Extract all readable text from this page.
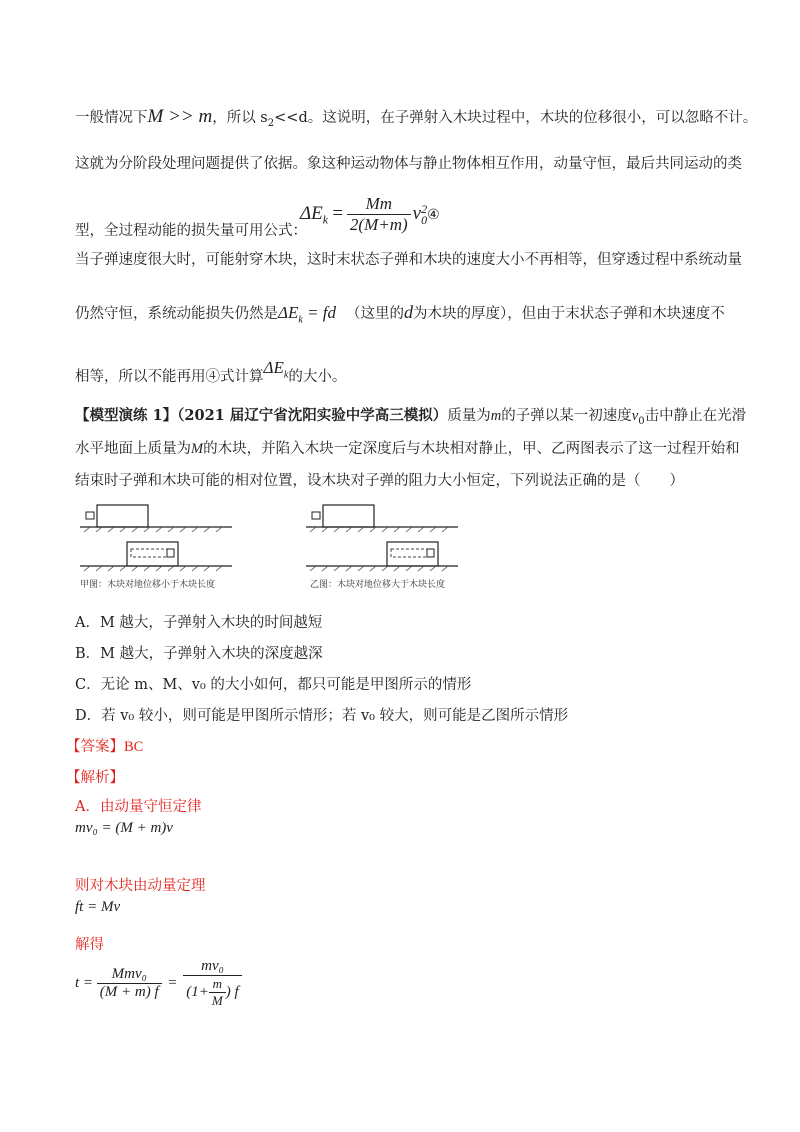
一般情况下M >> m，所以 $s_2<<d$。这说明，在子弹射入木块过程中，木块的位移很小，可以忽略不计。
这就为分阶段处理问题提供了依据。象这种运动物体与静止物体相互作用，动量守恒，最后共同运动的类
型，全过程动能的损失量可用公式：
$\Delta E_k = \frac{Mm}{2(M+m)}$ v 2
0 ④
当子弹速度很大时，可能射穿木块，这时末状态子弹和木块的速度大小不再相等，但穿透过程中系统动量
仍然守恒，系统动能损失仍然是$\Delta E_k$ = fd （这里的d为木块的厚度），但由于末状态子弹和木块速度不
相等，所以不能再用④式计算$\Delta E_k$的大小。
【模型演练 1】（2021 届辽宁省沈阳实验中学高三模拟）质量为m的子弹以某一初速度$v_0$击中静止在光滑
水平地面上质量为M的木块，并陷入木块一定深度后与木块相对静止，甲、乙两图表示了这一过程开始和
结束时子弹和木块可能的相对位置，设木块对子弹的阻力大小恒定，下列说法正确的是（　　）
甲图：木块对地位移小于木块长度	乙图：木块对地位移大于木块长度
A．M 越大，子弹射入木块的时间越短
B．M 越大，子弹射入木块的深度越深
C．无论 m、M、v₀ 的大小如何，都只可能是甲图所示的情形
D．若 v₀ 较小，则可能是甲图所示情形；若 v₀ 较大，则可能是乙图所示情形
【答案】BC
【解析】
A．由动量守恒定律
mv₀ = (M + m)v
则对木块由动量定理
ft = Mv
解得
$t = \frac{\text{Mmv₀}}{(M + m) f} = \frac{\text{mv₀}}{(1+ \frac{m}{M} ) f}$
